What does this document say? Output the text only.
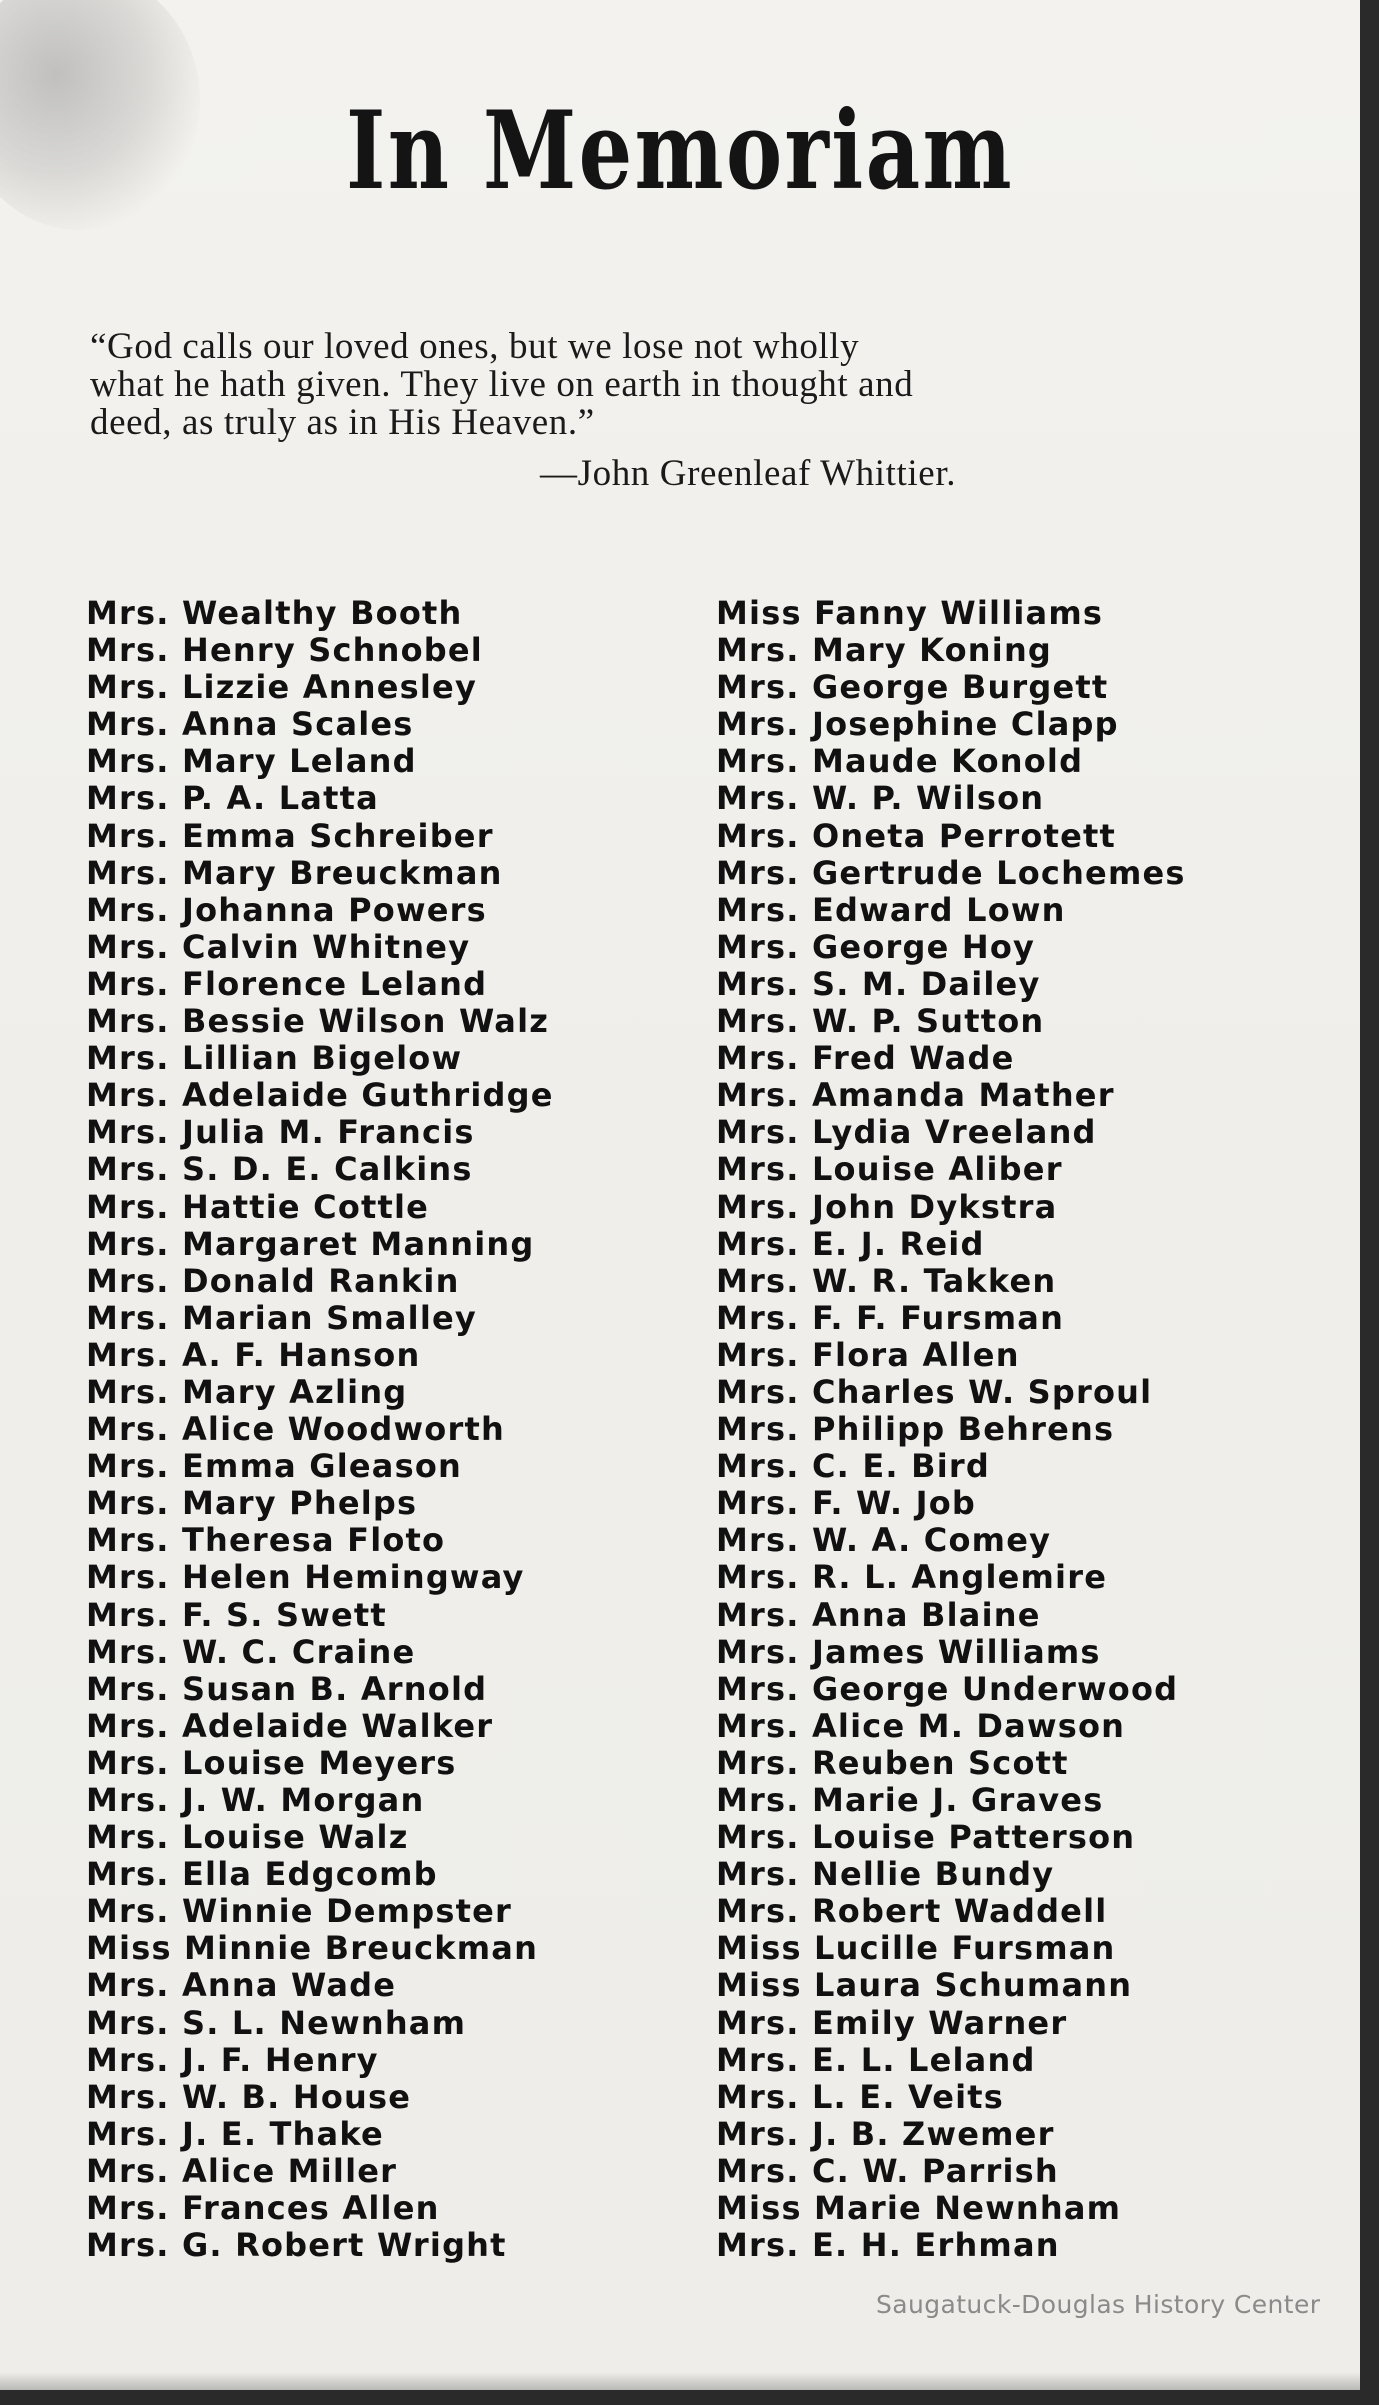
In Memoriam
“God calls our loved ones, but we lose not wholly
what he hath given. They live on earth in thought and
deed, as truly as in His Heaven.”
—John Greenleaf Whittier.
Mrs. Wealthy Booth
Mrs. Henry Schnobel
Mrs. Lizzie Annesley
Mrs. Anna Scales
Mrs. Mary Leland
Mrs. P. A. Latta
Mrs. Emma Schreiber
Mrs. Mary Breuckman
Mrs. Johanna Powers
Mrs. Calvin Whitney
Mrs. Florence Leland
Mrs. Bessie Wilson Walz
Mrs. Lillian Bigelow
Mrs. Adelaide Guthridge
Mrs. Julia M. Francis
Mrs. S. D. E. Calkins
Mrs. Hattie Cottle
Mrs. Margaret Manning
Mrs. Donald Rankin
Mrs. Marian Smalley
Mrs. A. F. Hanson
Mrs. Mary Azling
Mrs. Alice Woodworth
Mrs. Emma Gleason
Mrs. Mary Phelps
Mrs. Theresa Floto
Mrs. Helen Hemingway
Mrs. F. S. Swett
Mrs. W. C. Craine
Mrs. Susan B. Arnold
Mrs. Adelaide Walker
Mrs. Louise Meyers
Mrs. J. W. Morgan
Mrs. Louise Walz
Mrs. Ella Edgcomb
Mrs. Winnie Dempster
Miss Minnie Breuckman
Mrs. Anna Wade
Mrs. S. L. Newnham
Mrs. J. F. Henry
Mrs. W. B. House
Mrs. J. E. Thake
Mrs. Alice Miller
Mrs. Frances Allen
Mrs. G. Robert Wright
Miss Fanny Williams
Mrs. Mary Koning
Mrs. George Burgett
Mrs. Josephine Clapp
Mrs. Maude Konold
Mrs. W. P. Wilson
Mrs. Oneta Perrotett
Mrs. Gertrude Lochemes
Mrs. Edward Lown
Mrs. George Hoy
Mrs. S. M. Dailey
Mrs. W. P. Sutton
Mrs. Fred Wade
Mrs. Amanda Mather
Mrs. Lydia Vreeland
Mrs. Louise Aliber
Mrs. John Dykstra
Mrs. E. J. Reid
Mrs. W. R. Takken
Mrs. F. F. Fursman
Mrs. Flora Allen
Mrs. Charles W. Sproul
Mrs. Philipp Behrens
Mrs. C. E. Bird
Mrs. F. W. Job
Mrs. W. A. Comey
Mrs. R. L. Anglemire
Mrs. Anna Blaine
Mrs. James Williams
Mrs. George Underwood
Mrs. Alice M. Dawson
Mrs. Reuben Scott
Mrs. Marie J. Graves
Mrs. Louise Patterson
Mrs. Nellie Bundy
Mrs. Robert Waddell
Miss Lucille Fursman
Miss Laura Schumann
Mrs. Emily Warner
Mrs. E. L. Leland
Mrs. L. E. Veits
Mrs. J. B. Zwemer
Mrs. C. W. Parrish
Miss Marie Newnham
Mrs. E. H. Erhman
Saugatuck-Douglas History Center
